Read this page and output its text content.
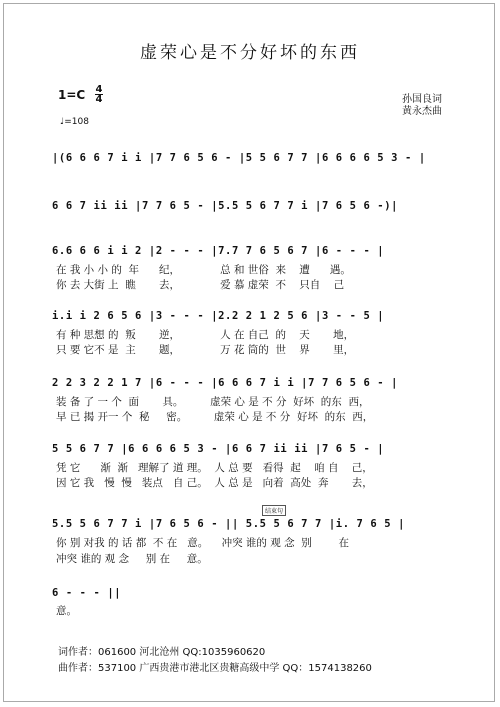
虚荣心是不分好坏的东西
1=C 4
4
♩=108
孙国良词
黄永杰曲
|(6 6 6 7 i i |7 7 6 5 6 - |5 5 6 7 7 |6 6 6 6 5 3 - |
6 6 7 ii ii |7 7 6 5 - |5.5 5 6 7 7 i |7 6 5 6 -)|
6.6 6 6 i i 2 |2 - - - |7.7 7 6 5 6 7 |6 - - - |
在 我 小 小 的  年      纪，            总 和 世俗  来    遭      遇。
你 去 大街 上  瞧       去，            爱 慕 虚荣  不    只自    己
i.i i 2 6 5 6 |3 - - - |2.2 2 1 2 5 6 |3 - - 5 |
有 种 思想 的  叛       逆，            人 在 自己  的    天       地，
只 要 它不 是  主       题，            万 花 筒的  世    界       里，
2 2 3 2 2 1 7 |6 - - - |6 6 6 7 i i |7 7 6 5 6 - |
装 备 了 一 个  面       具。        虚荣 心 是 不 分  好坏  的东  西，
早 已 揭 开一 个  秘     密。        虚荣 心 是 不 分  好坏  的东  西，
5 5 6 7 7 |6 6 6 6 5 3 - |6 6 7 ii ii |7 6 5 - |
凭 它      渐  渐   理解了 道 理。  人 总 要   看得  起    咱 自    己，
因 它 我   慢  慢   装点   自 己。  人 总 是   向着  高处  奔       去，
结束句
5.5 5 6 7 7 i |7 6 5 6 - || 5.5 5 6 7 7 |i. 7 6 5 |
你 别 对我 的 话 都  不 在   意。    冲突 谁的 观 念  别        在
冲突 谁的 观 念     别 在     意。
6 - - - ||
意。
词作者：061600 河北沧州 QQ:1035960620
曲作者：537100 广西贵港市港北区贵糖高级中学 QQ：1574138260
